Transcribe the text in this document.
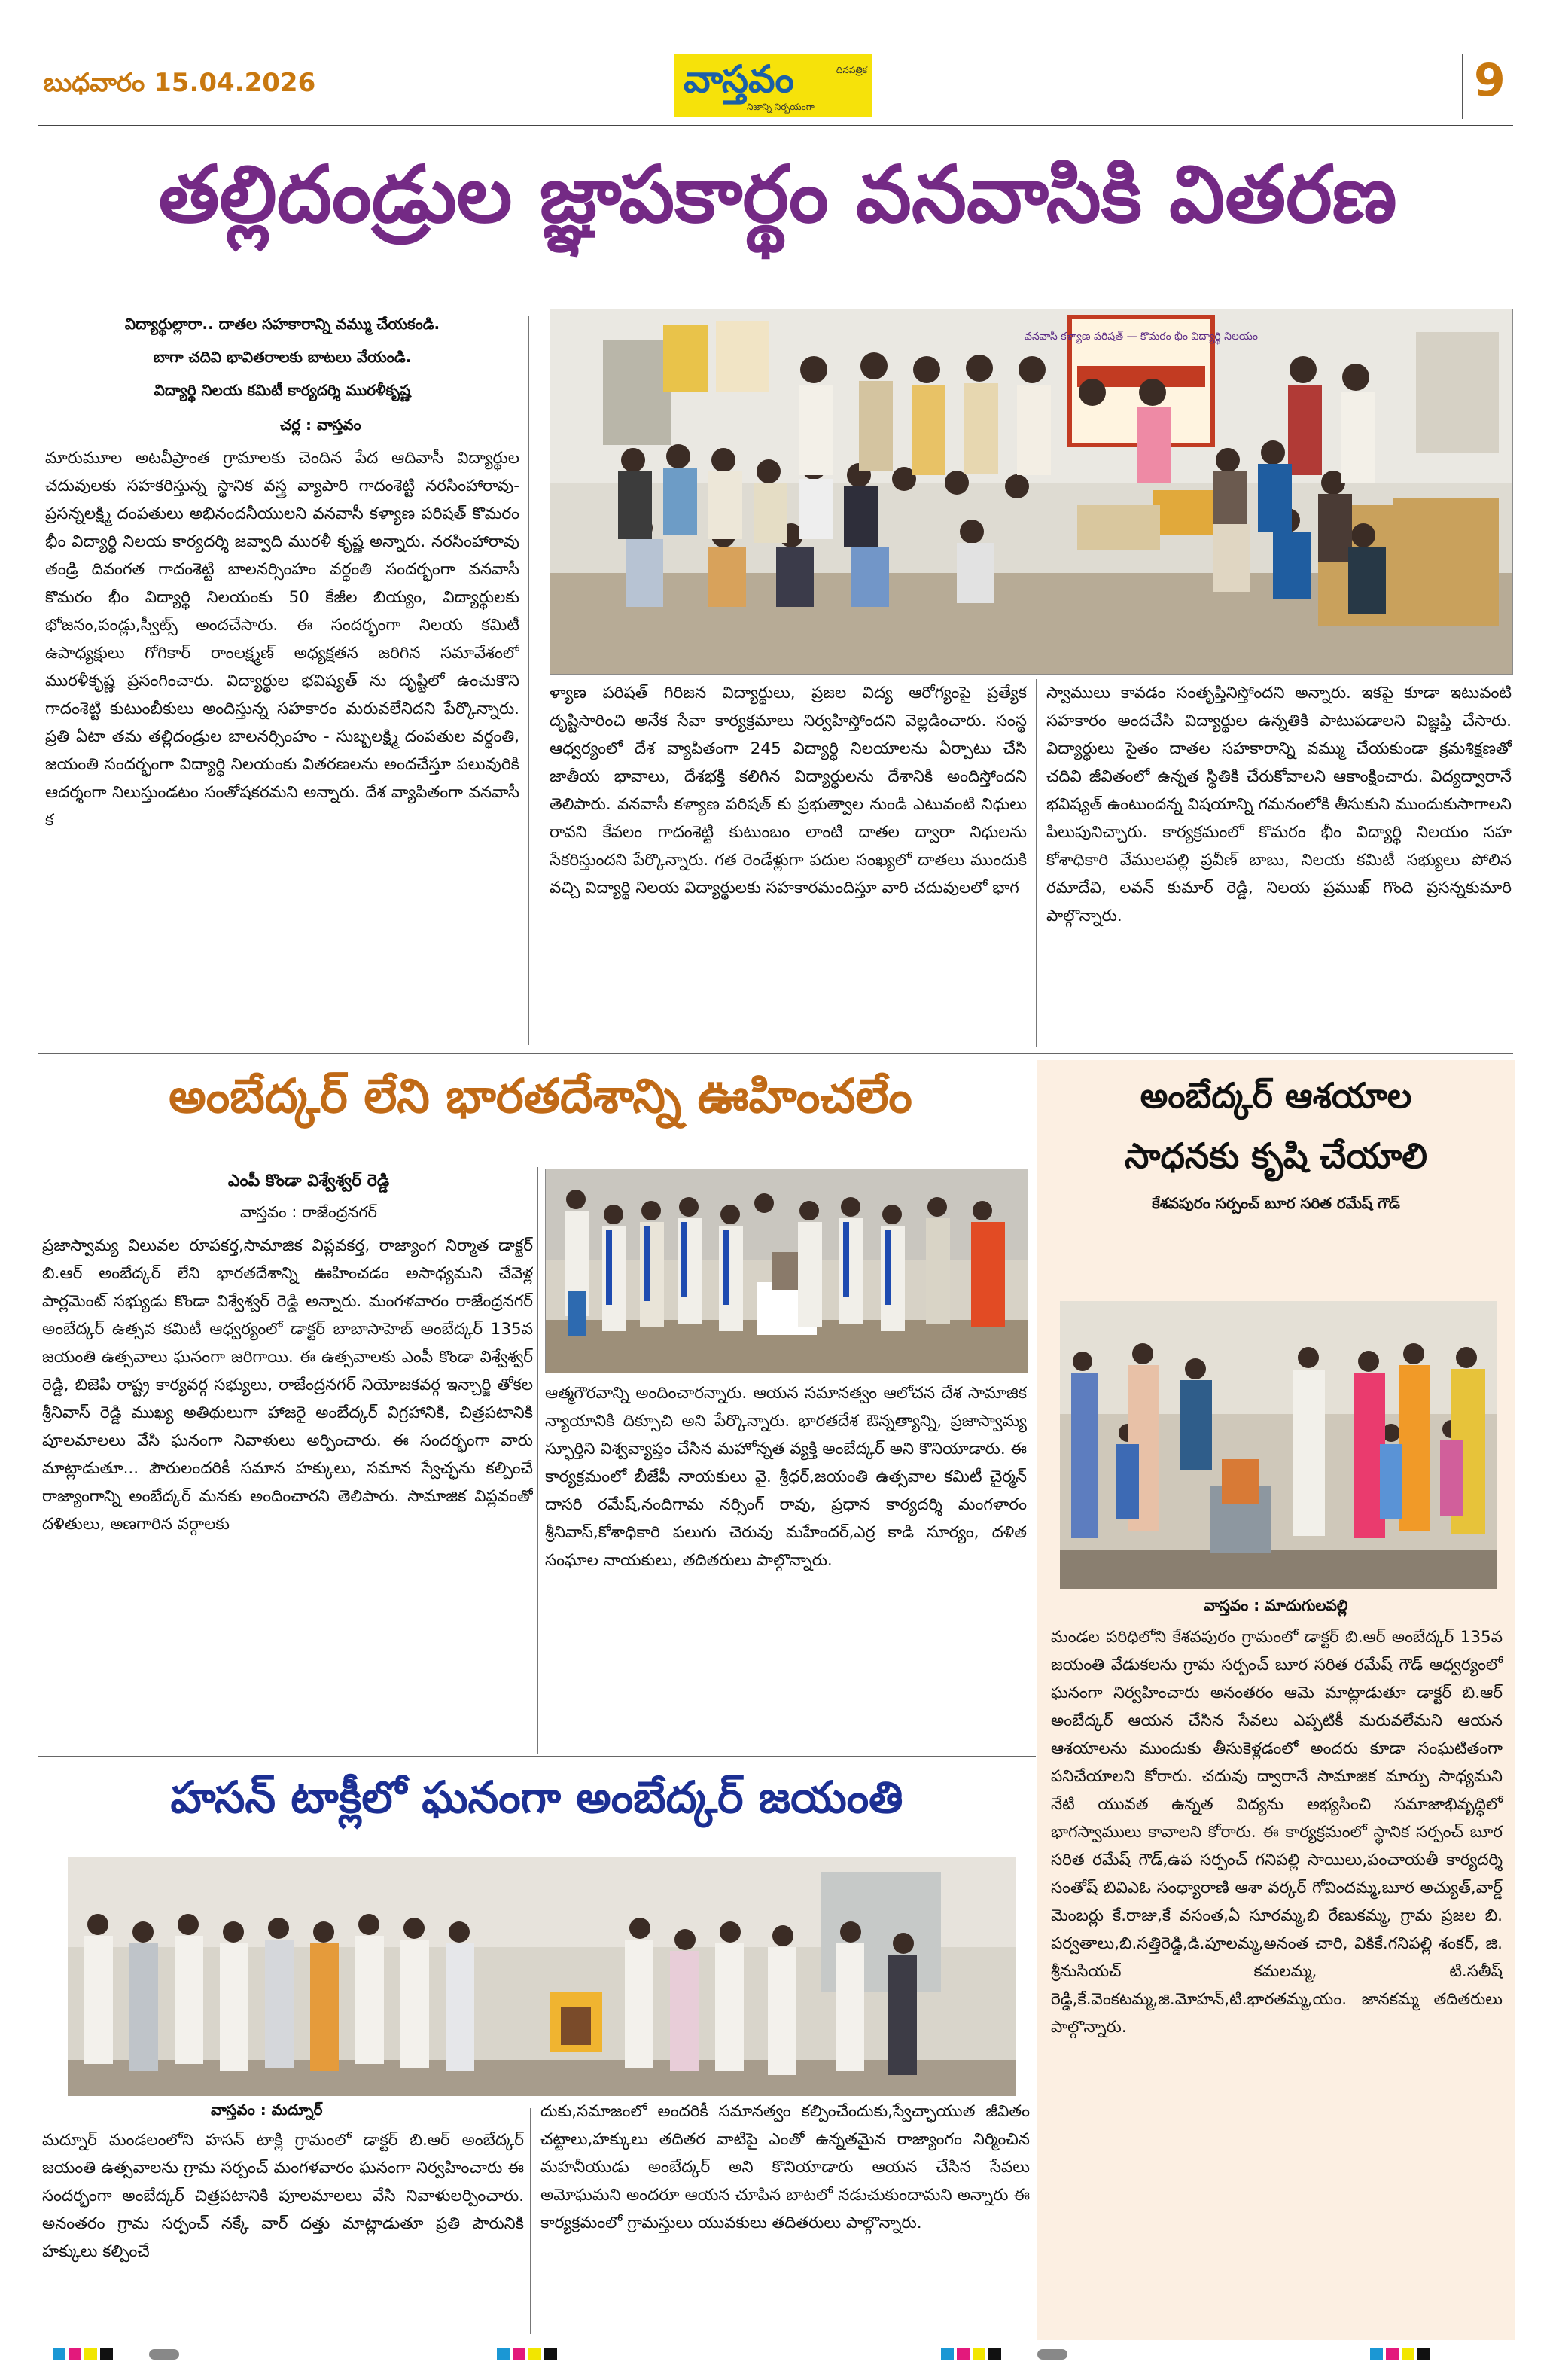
బుధవారం 15.04.2026	వాస్తవం	దినపత్రిక
నిజాన్ని నిర్భయంగా	9
తల్లిదండ్రుల జ్ఞాపకార్థం వనవాసికి వితరణ
విద్యార్థుల్లారా.. దాతల సహకారాన్ని వమ్ము చేయకండి.
బాగా చదివి భావితరాలకు బాటలు వేయండి.
విద్యార్థి నిలయ కమిటీ కార్యదర్శి మురళీకృష్ణ
చర్ల : వాస్తవం

మారుమూల అటవీప్రాంత గ్రామాలకు చెందిన పేద ఆదివాసీ విద్యార్థుల చదువులకు సహకరిస్తున్న స్థానిక వస్త్ర వ్యాపారి గాదంశెట్టి నరసింహారావు-ప్రసన్నలక్ష్మి దంపతులు అభినందనీయులని వనవాసీ కళ్యాణ పరిషత్ కొమరం భీం విద్యార్థి నిలయ కార్యదర్శి జవ్వాది మురళీ కృష్ణ అన్నారు. నరసింహారావు తండ్రి దివంగత గాదంశెట్టి బాలనర్సింహం వర్ధంతి సందర్భంగా వనవాసీ కొమరం భీం విద్యార్థి నిలయంకు 50 కేజీల బియ్యం, విద్యార్థులకు భోజనం,పండ్లు,స్వీట్స్ అందచేసారు. ఈ సందర్భంగా నిలయ కమిటీ ఉపాధ్యక్షులు గోగికార్ రాంలక్ష్మణ్ అధ్యక్షతన జరిగిన సమావేశంలో మురళీకృష్ణ ప్రసంగించారు. విద్యార్థుల భవిష్యత్ ను దృష్టిలో ఉంచుకొని గాదంశెట్టి కుటుంబీకులు అందిస్తున్న సహకారం మరువలేనిదని పేర్కొన్నారు. ప్రతి ఏటా తమ తల్లిదండ్రుల బాలనర్సింహం - సుబ్బలక్ష్మి దంపతుల వర్ధంతి, జయంతి సందర్భంగా విద్యార్థి నిలయంకు వితరణలను అందచేస్తూ పలువురికి ఆదర్శంగా నిలుస్తుండటం సంతోషకరమని అన్నారు. దేశ వ్యాపితంగా వనవాసీ క

వనవాసీ కళ్యాణ పరిషత్ — కొమరం భీం విద్యార్థి నిలయం

ళ్యాణ పరిషత్ గిరిజన విద్యార్థులు, ప్రజల విద్య ఆరోగ్యంపై ప్రత్యేక దృష్టిసారించి అనేక సేవా కార్యక్రమాలు నిర్వహిస్తోందని వెల్లడించారు. సంస్థ ఆధ్వర్యంలో దేశ వ్యాపితంగా 245 విద్యార్థి నిలయాలను ఏర్పాటు చేసి జాతీయ భావాలు, దేశభక్తి కలిగిన విద్యార్థులను దేశానికి అందిస్తోందని తెలిపారు. వనవాసీ కళ్యాణ పరిషత్ కు ప్రభుత్వాల నుండి ఎటువంటి నిధులు రావని కేవలం గాదంశెట్టి కుటుంబం లాంటి దాతల ద్వారా నిధులను సేకరిస్తుందని పేర్కొన్నారు. గత రెండేళ్లుగా పదుల సంఖ్యలో దాతలు ముందుకి వచ్చి విద్యార్థి నిలయ విద్యార్థులకు సహకారమందిస్తూ వారి చదువులలో భాగ

స్వాములు కావడం సంతృప్తినిస్తోందని అన్నారు. ఇకపై కూడా ఇటువంటి సహకారం అందచేసి విద్యార్థుల ఉన్నతికి పాటుపడాలని విజ్ఞప్తి చేసారు. విద్యార్థులు సైతం దాతల సహకారాన్ని వమ్ము చేయకుండా క్రమశిక్షణతో చదివి జీవితంలో ఉన్నత స్థితికి చేరుకోవాలని ఆకాంక్షించారు. విద్యద్వారానే భవిష్యత్ ఉంటుందన్న విషయాన్ని గమనంలోకి తీసుకుని ముందుకుసాగాలని పిలుపునిచ్చారు. కార్యక్రమంలో కొమరం భీం విద్యార్థి నిలయం సహ కోశాధికారి వేములపల్లి ప్రవీణ్ బాబు, నిలయ కమిటీ సభ్యులు పోలిన రమాదేవి, లవన్ కుమార్ రెడ్డి, నిలయ ప్రముఖ్ గొంది ప్రసన్నకుమారి పాల్గొన్నారు.

అంబేద్కర్ లేని భారతదేశాన్ని ఊహించలేం
ఎంపీ కొండా విశ్వేశ్వర్ రెడ్డి
వాస్తవం : రాజేంద్రనగర్

ప్రజాస్వామ్య విలువల రూపకర్త,సామాజిక విప్లవకర్త, రాజ్యాంగ నిర్మాత డాక్టర్ బి.ఆర్ అంబేద్కర్ లేని భారతదేశాన్ని ఊహించడం అసాధ్యమని చేవెళ్ల పార్లమెంట్ సభ్యుడు కొండా విశ్వేశ్వర్ రెడ్డి అన్నారు. మంగళవారం రాజేంద్రనగర్ అంబేద్కర్ ఉత్సవ కమిటీ ఆధ్వర్యంలో డాక్టర్ బాబాసాహెబ్ అంబేద్కర్ 135వ జయంతి ఉత్సవాలు ఘనంగా జరిగాయి. ఈ ఉత్సవాలకు ఎంపీ కొండా విశ్వేశ్వర్ రెడ్డి, బిజెపి రాష్ట్ర కార్యవర్గ సభ్యులు, రాజేంద్రనగర్ నియోజకవర్గ ఇన్చార్జి తోకల శ్రీనివాస్ రెడ్డి ముఖ్య అతిథులుగా హాజరై అంబేద్కర్ విగ్రహానికి, చిత్రపటానికి పూలమాలలు వేసి ఘనంగా నివాళులు అర్పించారు. ఈ సందర్భంగా వారు మాట్లాడుతూ... పౌరులందరికీ సమాన హక్కులు, సమాన స్వేచ్ఛను కల్పించే రాజ్యాంగాన్ని అంబేద్కర్ మనకు అందించారని తెలిపారు. సామాజిక విప్లవంతో దళితులు, అణగారిన వర్గాలకు

ఆత్మగౌరవాన్ని అందించారన్నారు. ఆయన సమానత్వం ఆలోచన దేశ సామాజిక న్యాయానికి దిక్సూచి అని పేర్కొన్నారు. భారతదేశ ఔన్నత్యాన్ని, ప్రజాస్వామ్య స్ఫూర్తిని విశ్వవ్యాప్తం చేసిన మహోన్నత వ్యక్తి అంబేద్కర్ అని కొనియాడారు. ఈ కార్యక్రమంలో బీజేపీ నాయకులు వై. శ్రీధర్,జయంతి ఉత్సవాల కమిటీ చైర్మన్ దాసరి రమేష్,నందిగామ నర్సింగ్ రావు, ప్రధాన కార్యదర్శి మంగళారం శ్రీనివాస్,కోశాధికారి పలుగు చెరువు మహేందర్,ఎర్ర కాడి సూర్యం, దళిత సంఘాల నాయకులు, తదితరులు పాల్గొన్నారు.

అంబేద్కర్ ఆశయాల
సాధనకు కృషి చేయాలి
కేశవపురం సర్పంచ్ బూర సరిత రమేష్ గౌడ్
వాస్తవం : మాదుగులపల్లి

మండల పరిధిలోని కేశవపురం గ్రామంలో డాక్టర్ బి.ఆర్ అంబేద్కర్ 135వ జయంతి వేడుకలను గ్రామ సర్పంచ్ బూర సరిత రమేష్ గౌడ్ ఆధ్వర్యంలో ఘనంగా నిర్వహించారు అనంతరం ఆమె మాట్లాడుతూ డాక్టర్ బి.ఆర్ అంబేద్కర్ ఆయన చేసిన సేవలు ఎప్పటికీ మరువలేమని ఆయన ఆశయాలను ముందుకు తీసుకెళ్లడంలో అందరు కూడా సంఘటితంగా పనిచేయాలని కోరారు. చదువు ద్వారానే సామాజిక మార్పు సాధ్యమని నేటి యువత ఉన్నత విద్యను అభ్యసించి సమాజాభివృద్ధిలో భాగస్వాములు కావాలని కోరారు. ఈ కార్యక్రమంలో స్థానిక సర్పంచ్ బూర సరిత రమేష్ గౌడ్,ఉప సర్పంచ్ గనిపల్లి సాయిలు,పంచాయతీ కార్యదర్శి సంతోష్ బివిఎఓ సంధ్యారాణి ఆశా వర్కర్ గోవిందమ్మ,బూర అచ్యుత్,వార్డ్ మెంబర్లు కే.రాజు,కే వసంత,ఏ సూరమ్మ,బి రేణుకమ్మ, గ్రామ ప్రజల బి. పర్వతాలు,బి.సత్తిరెడ్డి,డి.పూలమ్మ,అనంత చారి, వికికే.గనిపల్లి శంకర్, జి. శ్రీనుసియచ్ కమలమ్మ, టి.సతీష్ రెడ్డి,కే.వెంకటమ్మ,జి.మోహన్,టి.భారతమ్మ,యం. జానకమ్మ తదితరులు పాల్గొన్నారు.

హసన్ టాక్లీలో ఘనంగా అంబేద్కర్ జయంతి
వాస్తవం : మద్నూర్

మద్నూర్ మండలంలోని హసన్ టాక్లి గ్రామంలో డాక్టర్ బి.ఆర్ అంబేద్కర్ జయంతి ఉత్సవాలను గ్రామ సర్పంచ్ మంగళవారం ఘనంగా నిర్వహించారు ఈ సందర్భంగా అంబేద్కర్ చిత్రపటానికి పూలమాలలు వేసి నివాళులర్పించారు. అనంతరం గ్రామ సర్పంచ్ నక్కే వార్ దత్తు మాట్లాడుతూ ప్రతి పౌరునికి హక్కులు కల్పించే

దుకు,సమాజంలో అందరికీ సమానత్వం కల్పించేందుకు,స్వేచ్ఛాయుత జీవితం చట్టాలు,హక్కులు తదితర వాటిపై ఎంతో ఉన్నతమైన రాజ్యాంగం నిర్మించిన మహనీయుడు అంబేద్కర్ అని కొనియాడారు ఆయన చేసిన సేవలు అమోఘమని అందరూ ఆయన చూపిన బాటలో నడుచుకుందామని అన్నారు ఈ కార్యక్రమంలో గ్రామస్తులు యువకులు తదితరులు పాల్గొన్నారు.
